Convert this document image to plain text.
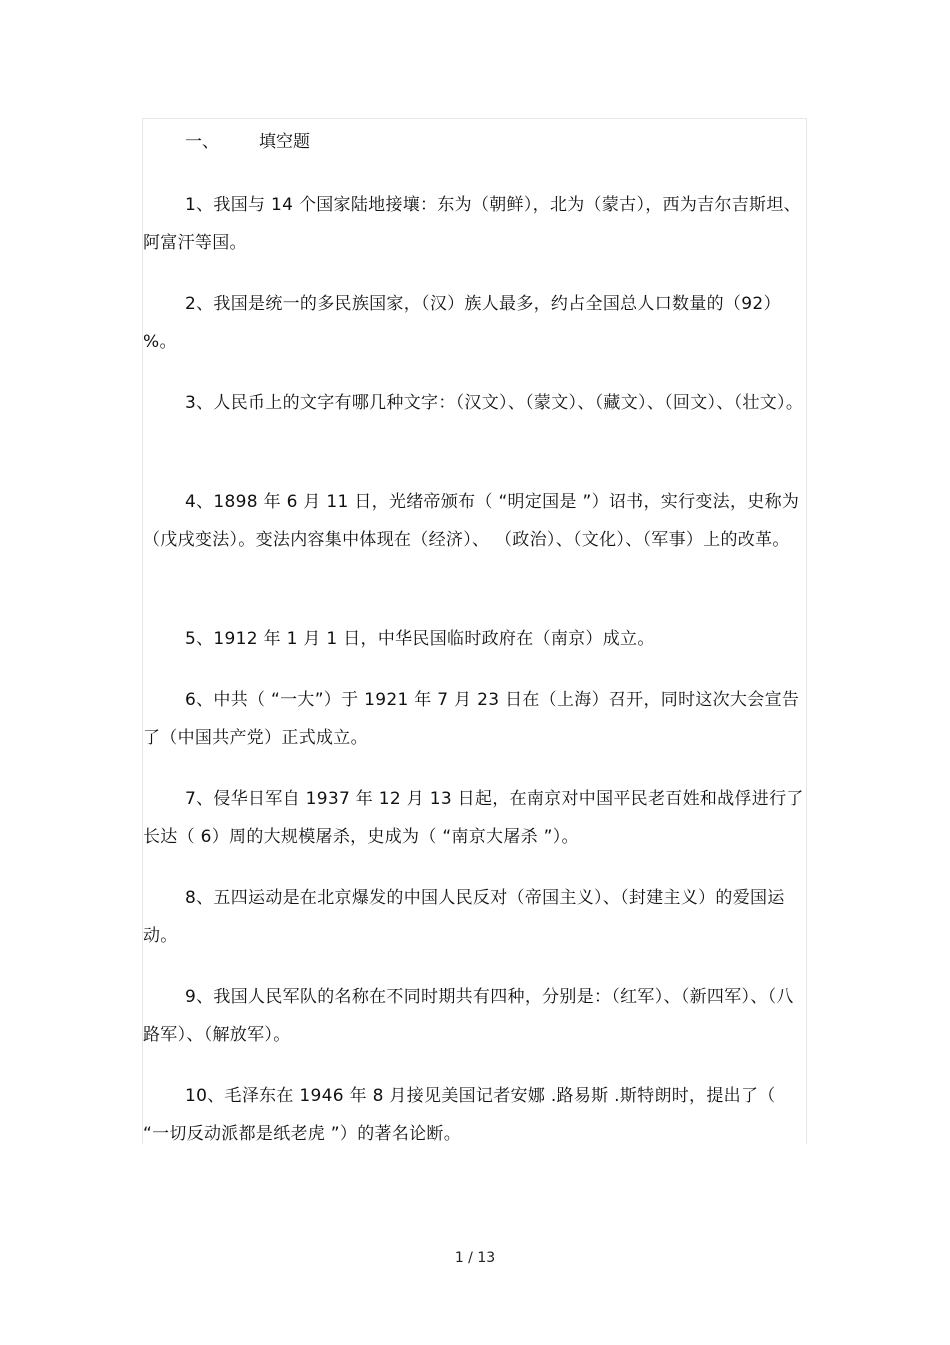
一、 填空题
1、我国与 14 个国家陆地接壤：东为（朝鲜），北为（蒙古），西为吉尔吉斯坦、阿富汗等国。
2、我国是统一的多民族国家，（汉）族人最多，约占全国总人口数量的（92） %。
3、人民币上的文字有哪几种文字：（汉文）、（蒙文）、（藏文）、（回文）、（壮文）。
4、1898 年 6 月 11 日，光绪帝颁布（ “明定国是 ”）诏书，实行变法，史称为（戊戌变法）。变法内容集中体现在（经济）、 （政治）、（文化）、（军事）上的改革。
5、1912 年 1 月 1 日，中华民国临时政府在（南京）成立。
6、中共（ “一大”）于 1921 年 7 月 23 日在（上海）召开，同时这次大会宣告了（中国共产党）正式成立。
7、侵华日军自 1937 年 12 月 13 日起，在南京对中国平民老百姓和战俘进行了长达（ 6）周的大规模屠杀，史成为（ “南京大屠杀 ”）。
8、五四运动是在北京爆发的中国人民反对（帝国主义）、（封建主义）的爱国运动。
9、我国人民军队的名称在不同时期共有四种，分别是：（红军）、（新四军）、（八路军）、（解放军）。
10、毛泽东在 1946 年 8 月接见美国记者安娜 .路易斯 .斯特朗时，提出了（ “一切反动派都是纸老虎 ”）的著名论断。
1 / 13
